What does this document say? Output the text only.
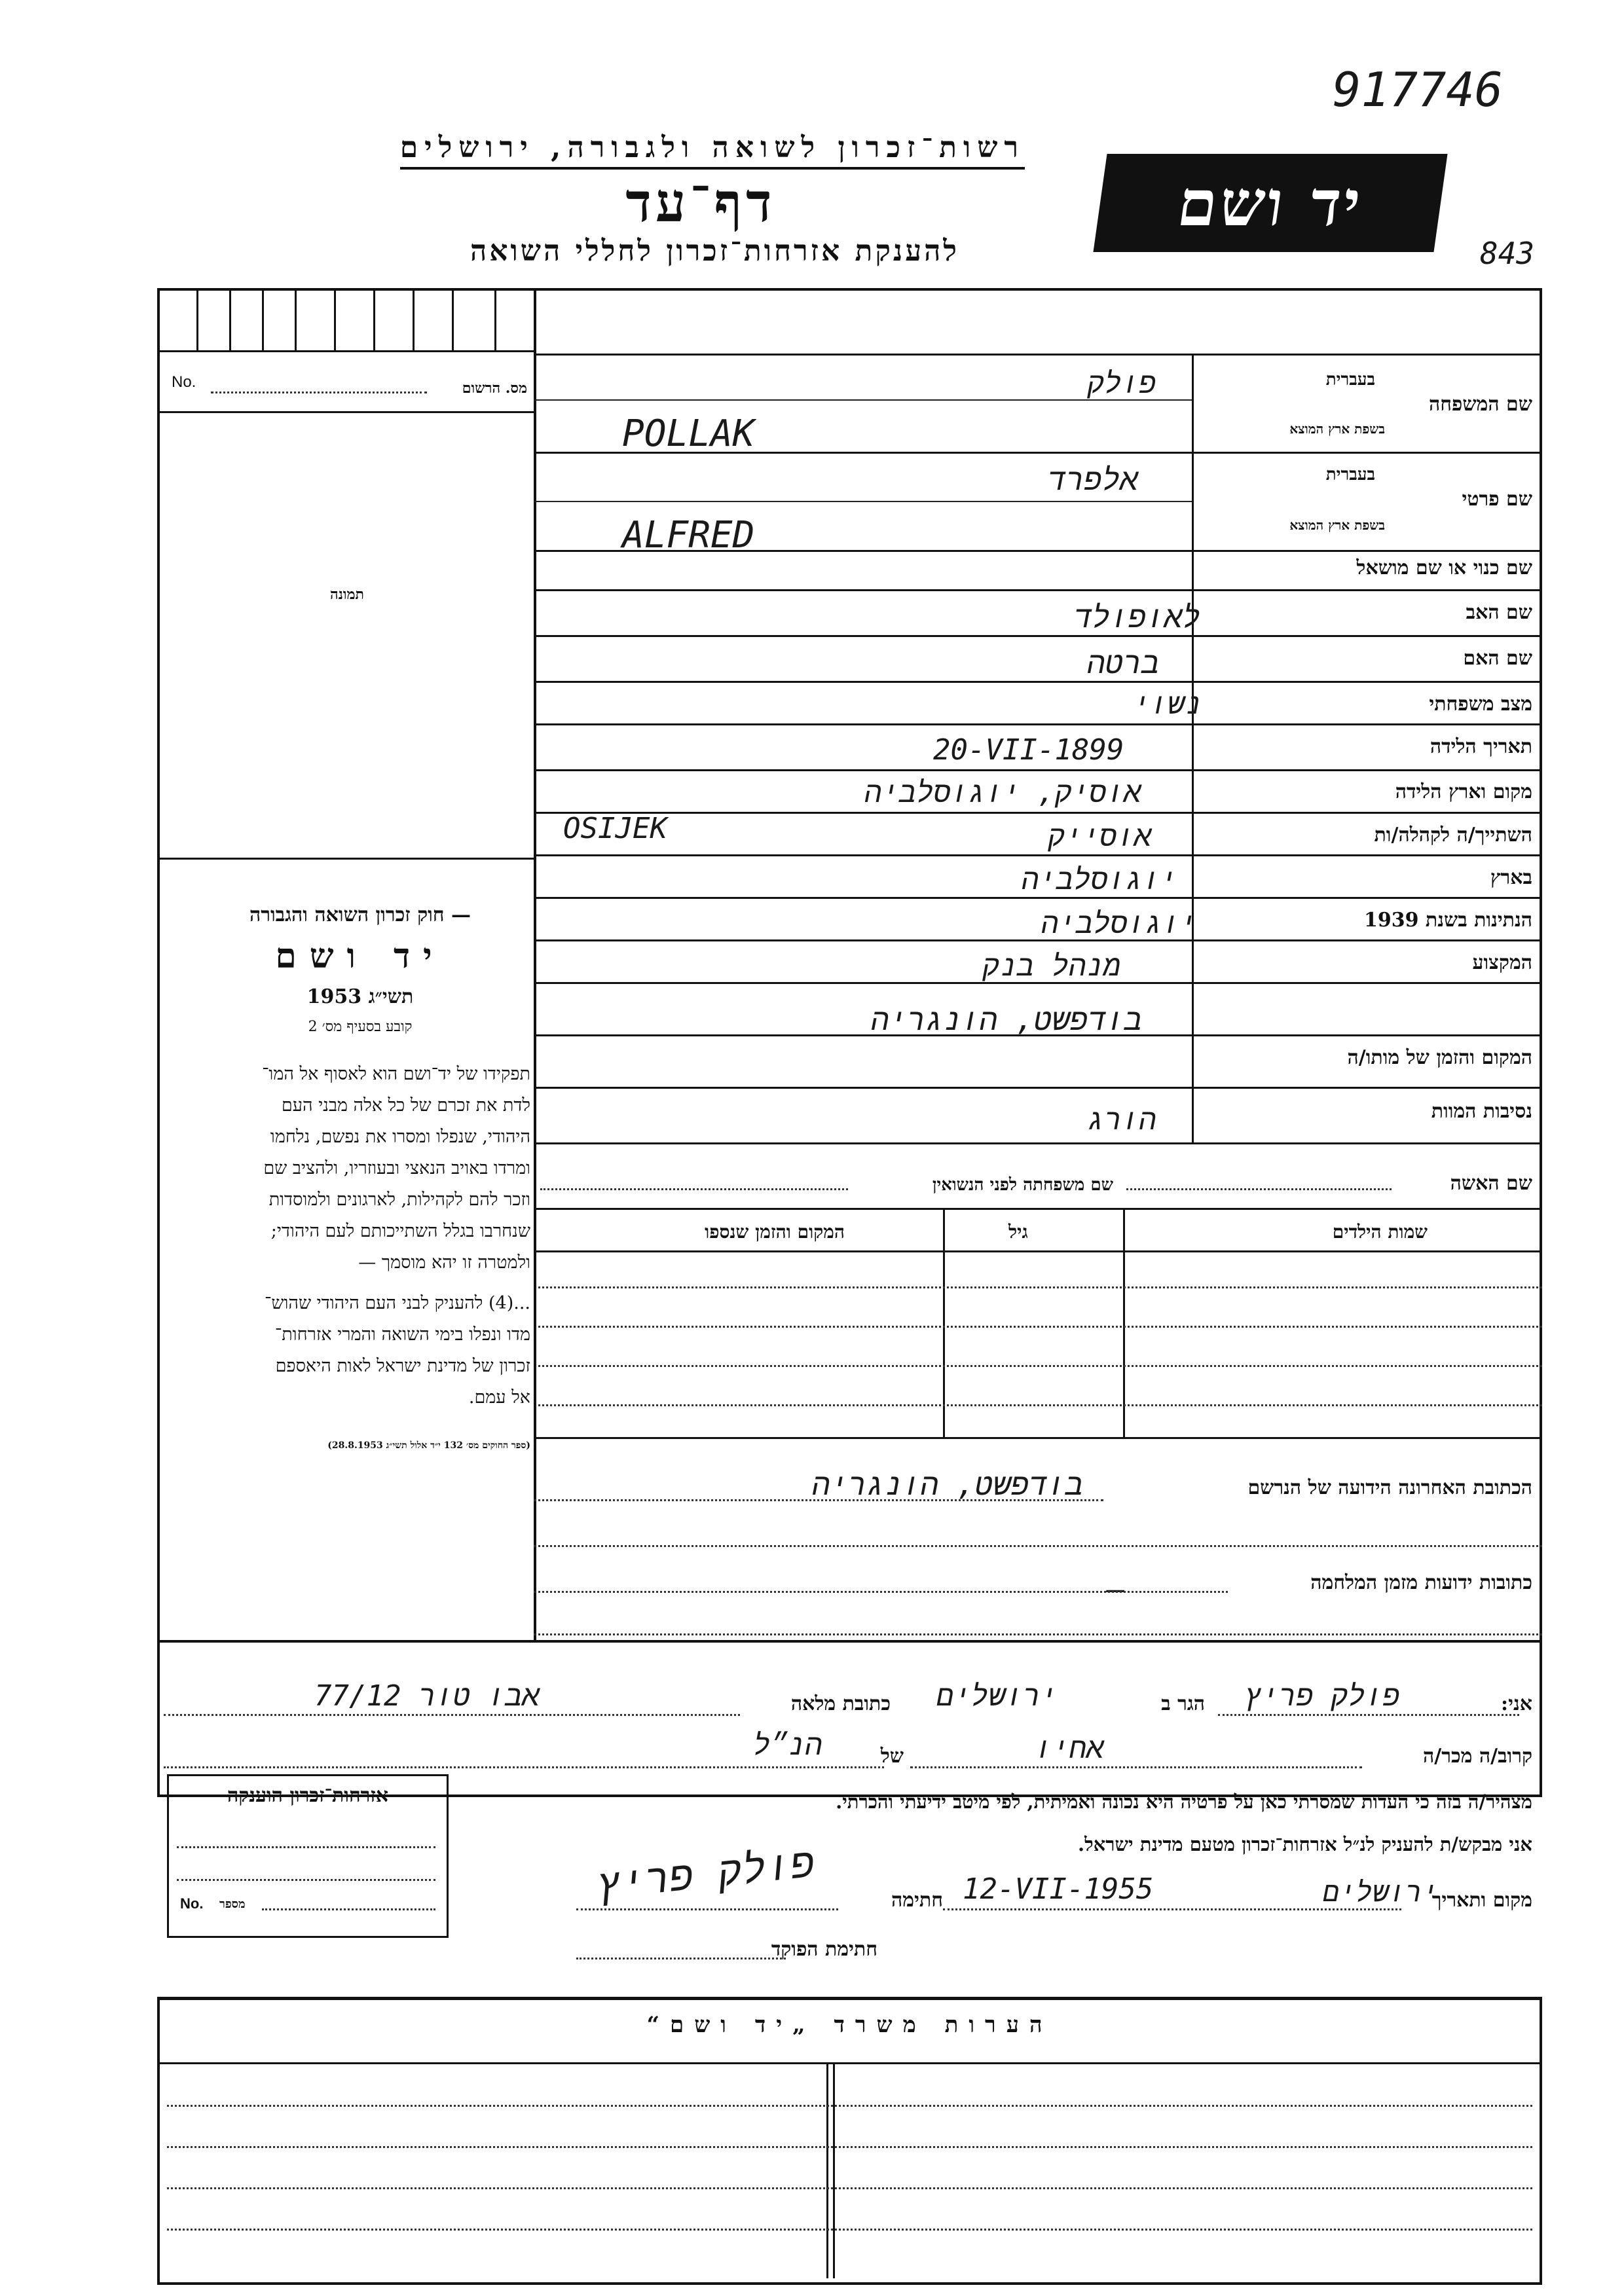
917746
843
רשות־זכרון לשואה ולגבורה, ירושלים
דף־עד
להענקת אזרחות־זכרון לחללי השואה
יד ושם
No.	מס. הרשום
תמונה
שם המשפחה
בעברית
בשפת ארץ המוצא
שם פרטי
בעברית
בשפת ארץ המוצא
שם כנוי או שם מושאל
שם האב
שם האם
מצב משפחתי
תאריך הלידה
מקום וארץ הלידה
השתייך/ה לקהלה/ות
בארץ
הנתינות בשנת 1939
המקצוע
המקום והזמן של מותו/ה
נסיבות המוות
פולק
POLLAK
אלפרד
ALFRED
לאופולד
ברטה
נשוי
20-VII-1899
OSIJEK
אוסיק, יוגוסלביה
אוסייק
יוגוסלביה
יוגוסלביה
מנהל בנק
בודפשט, הונגריה
הורג
— חוק זכרון השואה והגבורה
יד ושם
תשי״ג 1953
קובע בסעיף מס׳ 2
תפקידו של יד־ושם הוא לאסוף אל המו־
לדת את זכרם של כל אלה מבני העם
היהודי, שנפלו ומסרו את נפשם, נלחמו
ומרדו באויב הנאצי ובעוזריו, ולהציב שם
וזכר להם לקהילות, לארגונים ולמוסדות
שנחרבו בגלל השתייכותם לעם היהודי;
ולמטרה זו יהא מוסמך —
...(4) להעניק לבני העם היהודי שהוש־
מדו ונפלו בימי השואה והמרי אזרחות־
זכרון של מדינת ישראל לאות היאספם
אל עמם.
(ספר החוקים מס׳ 132 י״ד אלול תשי״ג 28.8.1953)
שם האשה
שם משפחתה לפני הנשואין
שמות הילדים
גיל
המקום והזמן שנספו
הכתובת האחרונה הידועה של הנרשם
בודפשט, הונגריה
כתובות ידועות מזמן המלחמה
—
אני:
פולק פריץ
הגר ב
ירושלים
כתובת מלאה
אבו טור 77/12
קרוב/ה מכר/ה
אחיו
של
הנ״ל
מצהיר/ה בזה כי העדות שמסרתי כאן על פרטיה היא נכונה ואמיתית, לפי מיטב ידיעתי והכרתי.
אני מבקש/ת להעניק לנ״ל אזרחות־זכרון מטעם מדינת ישראל.
מקום ותאריך
ירושלים
12-VII-1955
חתימה
פולק פריץ
חתימת הפוקד
אזרחות־זכרון הוענקה
No. מספר
הערות משרד „יד ושם“
